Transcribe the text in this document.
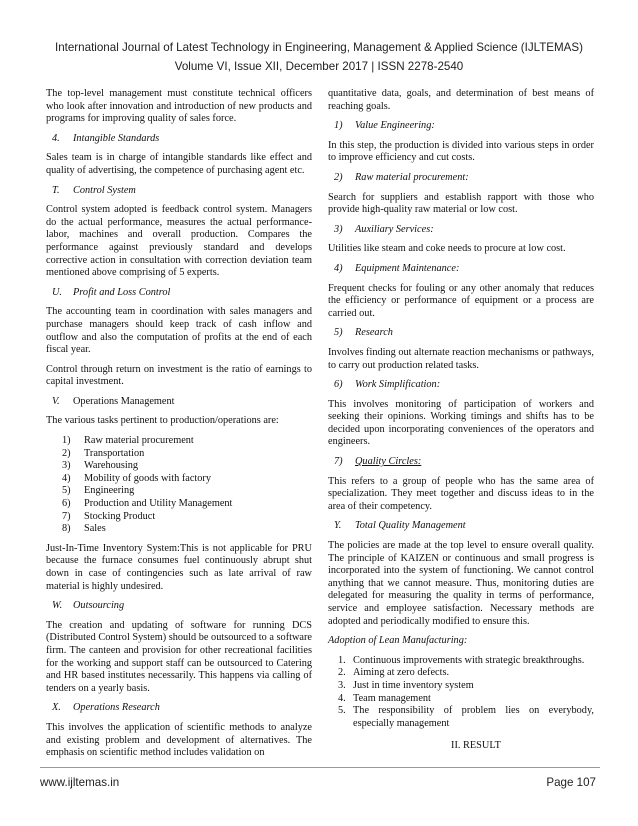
International Journal of Latest Technology in Engineering, Management & Applied Science (IJLTEMAS)
Volume VI, Issue XII, December 2017 | ISSN 2278-2540

The top-level management must constitute technical officers who look after innovation and introduction of new products and programs for improving quality of sales force.

4. Intangible Standards

Sales team is in charge of intangible standards like effect and quality of advertising, the competence of purchasing agent etc.

T. Control System

Control system adopted is feedback control system. Managers do the actual performance, measures the actual performance- labor, machines and overall production. Compares the performance against previously standard and develops corrective action in consultation with correction deviation team mentioned above comprising of 5 experts.

U. Profit and Loss Control

The accounting team in coordination with sales managers and purchase managers should keep track of cash inflow and outflow and also the computation of profits at the end of each fiscal year.

Control through return on investment is the ratio of earnings to capital investment.

V. Operations Management

The various tasks pertinent to production/operations are:

1)	Raw material procurement
2)	Transportation
3)	Warehousing
4)	Mobility of goods with factory
5)	Engineering
6)	Production and Utility Management
7)	Stocking Product
8)	Sales

Just-In-Time Inventory System:This is not applicable for PRU because the furnace consumes fuel continuously abrupt shut down in case of contingencies such as late arrival of raw material is highly undesired.

W. Outsourcing

The creation and updating of software for running DCS (Distributed Control System) should be outsourced to a software firm. The canteen and provision for other recreational facilities for the working and support staff can be outsourced to Catering and HR based institutes necessarily. This happens via calling of tenders on a yearly basis.

X. Operations Research

This involves the application of scientific methods to analyze and existing problem and development of alternatives. The emphasis on scientific method includes validation on

quantitative data, goals, and determination of best means of reaching goals.

1) Value Engineering:

In this step, the production is divided into various steps in order to improve efficiency and cut costs.

2) Raw material procurement:

Search for suppliers and establish rapport with those who provide high-quality raw material or low cost.

3) Auxiliary Services:

Utilities like steam and coke needs to procure at low cost.

4) Equipment Maintenance:

Frequent checks for fouling or any other anomaly that reduces the efficiency or performance of equipment or a process are carried out.

5) Research

Involves finding out alternate reaction mechanisms or pathways, to carry out production related tasks.

6) Work Simplification:

This involves monitoring of participation of workers and seeking their opinions. Working timings and shifts has to be decided upon incorporating conveniences of the operators and engineers.

7) Quality Circles:

This refers to a group of people who has the same area of specialization. They meet together and discuss ideas to in the area of their competency.

Y. Total Quality Management

The policies are made at the top level to ensure overall quality. The principle of KAIZEN or continuous and small progress is incorporated into the system of functioning. We cannot control anything that we cannot measure. Thus, monitoring duties are delegated for measuring the quality in terms of performance, service and employee satisfaction. Necessary methods are adopted and periodically modified to ensure this.

Adoption of Lean Manufacturing:

1. Continuous improvements with strategic breakthroughs.
2. Aiming at zero defects.
3. Just in time inventory system
4. Team management
5. The responsibility of problem lies on everybody, especially management
II. RESULT
www.ijltemas.in	Page 107
